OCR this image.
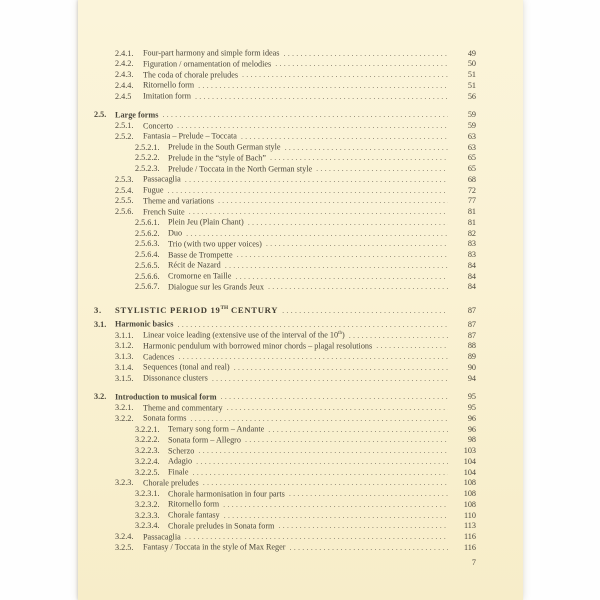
2.4.1.	Four-part harmony and simple form ideas .....	49
2.4.2.	Figuration / ornamentation of melodies .....	50
2.4.3.	The coda of chorale preludes .....	51
2.4.4.	Ritornello form .....	51
2.4.5	Imitation form .....	56
2.5.	Large forms .....	59
2.5.1.	Concerto .....	59
2.5.2.	Fantasia – Prelude – Toccata .....	63
2.5.2.1.	Prelude in the South German style .....	63
2.5.2.2.	Prelude in the “style of Bach” .....	65
2.5.2.3.	Prelude / Toccata in the North German style .....	65
2.5.3.	Passacaglia .....	68
2.5.4.	Fugue .....	72
2.5.5.	Theme and variations .....	77
2.5.6.	French Suite .....	81
2.5.6.1.	Plein Jeu (Plain Chant) .....	81
2.5.6.2.	Duo .....	82
2.5.6.3.	Trio (with two upper voices) .....	83
2.5.6.4.	Basse de Trompette .....	83
2.5.6.5.	Récit de Nazard .....	84
2.5.6.6.	Cromorne en Taille .....	84
2.5.6.7.	Dialogue sur les Grands Jeux .....	84
3.	STYLISTIC PERIOD 19TH CENTURY .....	87
3.1.	Harmonic basics .....	87
3.1.1.	Linear voice leading (extensive use of the interval of the 10th) .....	87
3.1.2.	Harmonic pendulum with borrowed minor chords – plagal resolutions .....	88
3.1.3.	Cadences .....	89
3.1.4.	Sequences (tonal and real) .....	90
3.1.5.	Dissonance clusters .....	94
3.2.	Introduction to musical form .....	95
3.2.1.	Theme and commentary .....	95
3.2.2.	Sonata forms .....	96
3.2.2.1.	Ternary song form – Andante .....	96
3.2.2.2.	Sonata form – Allegro .....	98
3.2.2.3.	Scherzo .....	103
3.2.2.4.	Adagio .....	104
3.2.2.5.	Finale .....	104
3.2.3.	Chorale preludes .....	108
3.2.3.1.	Chorale harmonisation in four parts .....	108
3.2.3.2.	Ritornello form .....	108
3.2.3.3.	Chorale fantasy .....	110
3.2.3.4.	Chorale preludes in Sonata form .....	113
3.2.4.	Passacaglia .....	116
3.2.5.	Fantasy / Toccata in the style of Max Reger .....	116
7
